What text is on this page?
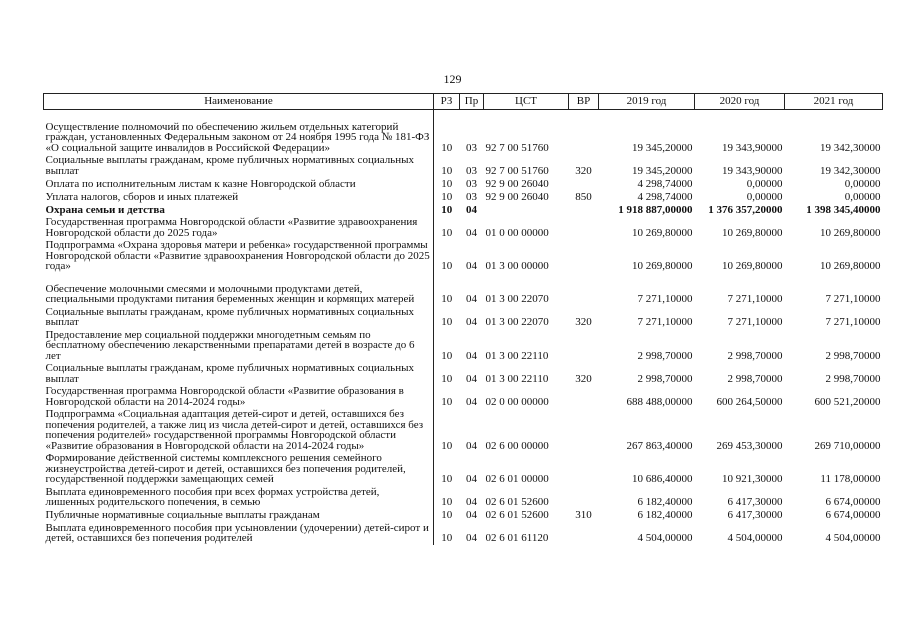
129
Наименование	РЗ	Пр	ЦСТ	ВР	2019 год	2020 год	2021 год
Осуществление полномочий по обеспечению жильем отдельных категорий граждан, установленных Федеральным законом от 24 ноября 1995 года № 181-ФЗ «О социальной защите инвалидов в Российской Федерации»	10	03	92 7 00 51760		19 345,20000	19 343,90000	19 342,30000
Социальные выплаты гражданам, кроме публичных нормативных социальных выплат	10	03	92 7 00 51760	320	19 345,20000	19 343,90000	19 342,30000
Оплата по исполнительным листам к казне Новгородской области	10	03	92 9 00 26040		4 298,74000	0,00000	0,00000
Уплата налогов, сборов и иных платежей	10	03	92 9 00 26040	850	4 298,74000	0,00000	0,00000
Охрана семьи и детства	10	04			1 918 887,00000	1 376 357,20000	1 398 345,40000
Государственная программа Новгородской области «Развитие здравоохранения Новгородской области до 2025 года»	10	04	01 0 00 00000		10 269,80000	10 269,80000	10 269,80000
Подпрограмма «Охрана здоровья матери и ребенка» государственной программы Новгородской области «Развитие здравоохранения Новгородской области до 2025 года»	10	04	01 3 00 00000		10 269,80000	10 269,80000	10 269,80000
Обеспечение молочными смесями и молочными продуктами детей, специальными продуктами питания беременных женщин и кормящих матерей	10	04	01 3 00 22070		7 271,10000	7 271,10000	7 271,10000
Социальные выплаты гражданам, кроме публичных нормативных социальных выплат	10	04	01 3 00 22070	320	7 271,10000	7 271,10000	7 271,10000
Предоставление мер социальной поддержки многодетным семьям по бесплатному обеспечению лекарственными препаратами детей в возрасте до 6 лет	10	04	01 3 00 22110		2 998,70000	2 998,70000	2 998,70000
Социальные выплаты гражданам, кроме публичных нормативных социальных выплат	10	04	01 3 00 22110	320	2 998,70000	2 998,70000	2 998,70000
Государственная программа Новгородской области «Развитие образования в Новгородской области на 2014-2024 годы»	10	04	02 0 00 00000		688 488,00000	600 264,50000	600 521,20000
Подпрограмма «Социальная адаптация детей-сирот и детей, оставшихся без попечения родителей, а также лиц из числа детей-сирот и детей, оставшихся без попечения родителей» государственной программы Новгородской области «Развитие образования в Новгородской области на 2014-2024 годы»	10	04	02 6 00 00000		267 863,40000	269 453,30000	269 710,00000
Формирование действенной системы комплексного решения семейного жизнеустройства детей-сирот и детей, оставшихся без попечения родителей, государственной поддержки замещающих семей	10	04	02 6 01 00000		10 686,40000	10 921,30000	11 178,00000
Выплата единовременного пособия при всех формах устройства детей, лишенных родительского попечения, в семью	10	04	02 6 01 52600		6 182,40000	6 417,30000	6 674,00000
Публичные нормативные социальные выплаты гражданам	10	04	02 6 01 52600	310	6 182,40000	6 417,30000	6 674,00000
Выплата единовременного пособия при усыновлении (удочерении) детей-сирот и детей, оставшихся без попечения родителей	10	04	02 6 01 61120		4 504,00000	4 504,00000	4 504,00000
